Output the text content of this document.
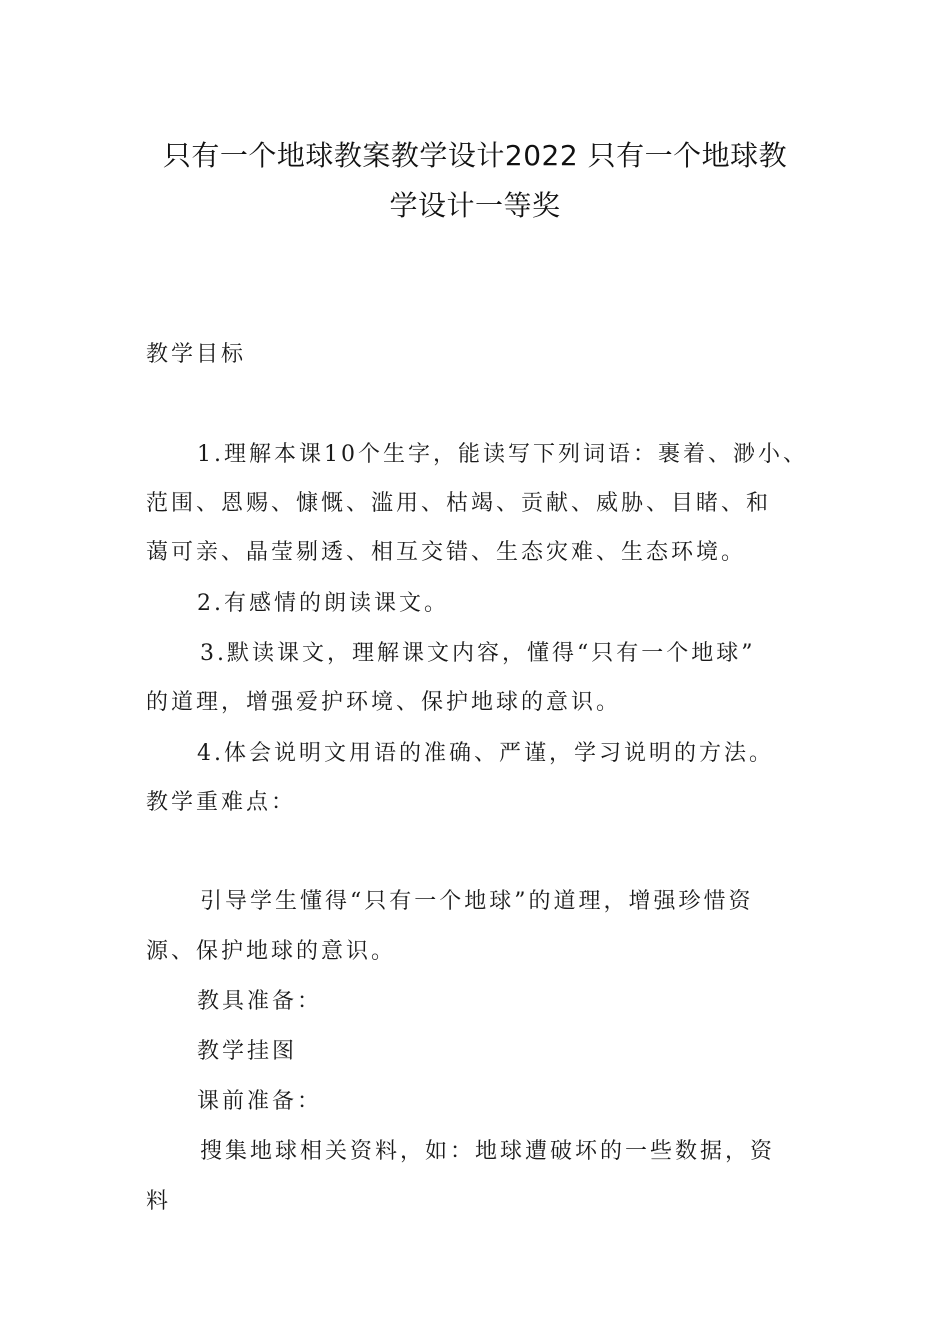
只有一个地球教案教学设计2022 只有一个地球教
学设计一等奖
教学目标
1.理解本课10个生字，能读写下列词语：裹着、渺小、
范围、恩赐、慷慨、滥用、枯竭、贡献、威胁、目睹、和
蔼可亲、晶莹剔透、相互交错、生态灾难、生态环境。
2.有感情的朗读课文。
3.默读课文，理解课文内容，懂得“只有一个地球”
的道理，增强爱护环境、保护地球的意识。
4.体会说明文用语的准确、严谨，学习说明的方法。
教学重难点：
引导学生懂得“只有一个地球”的道理，增强珍惜资
源、保护地球的意识。
教具准备：
教学挂图
课前准备：
搜集地球相关资料，如：地球遭破坏的一些数据，资
料
